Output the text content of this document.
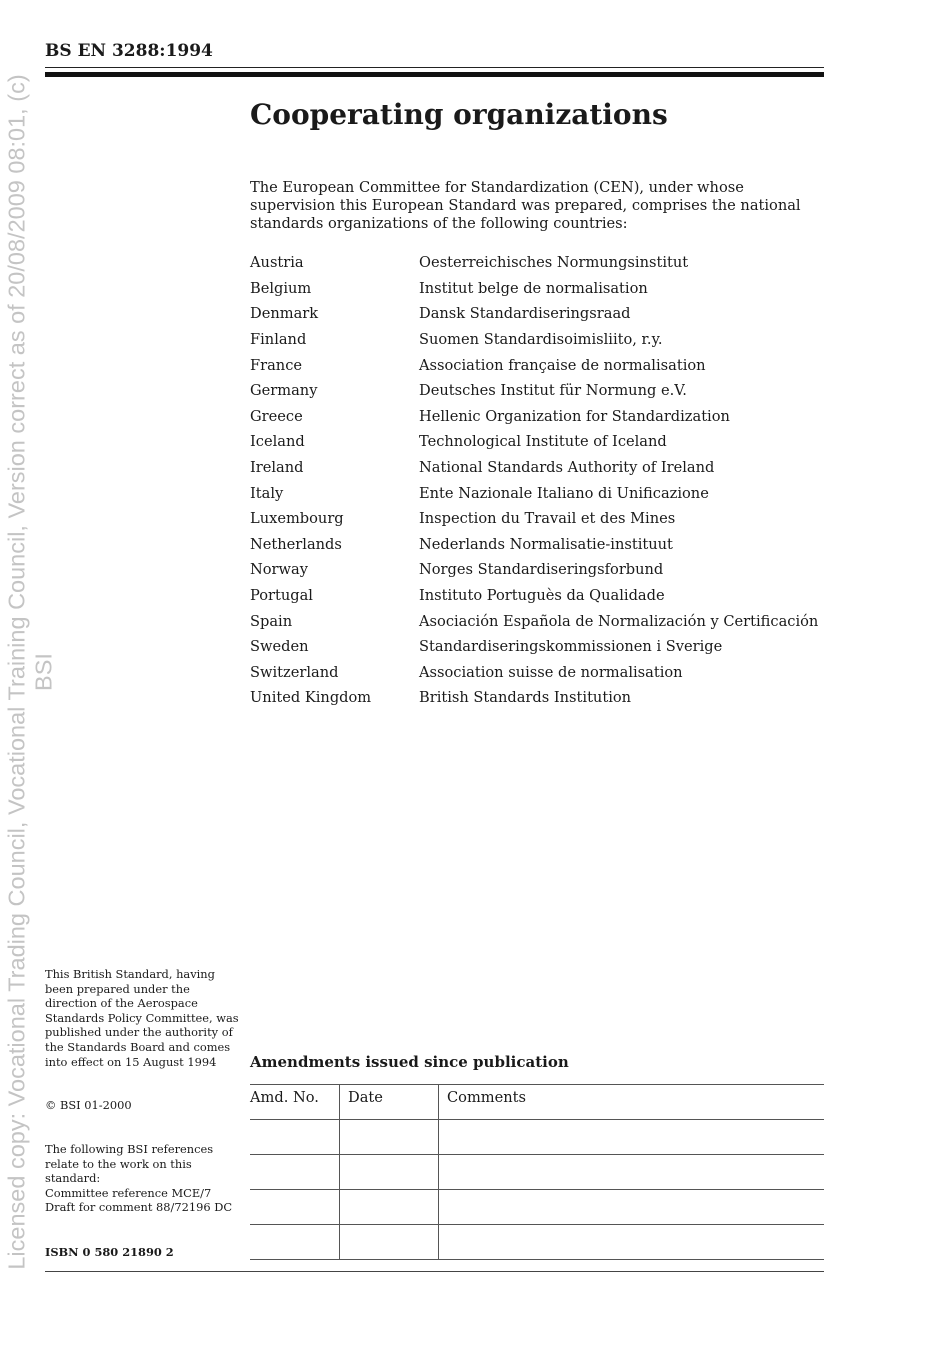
Licensed copy: Vocational Trading Council, Vocational Training Council, Version correct as of 20/08/2009 08:01, (c) BSI
BS EN 3288:1994
Cooperating organizations

The European Committee for Standardization (CEN), under whose supervision this European Standard was prepared, comprises the national standards organizations of the following countries:

Austria	Oesterreichisches Normungsinstitut
Belgium	Institut belge de normalisation
Denmark	Dansk Standardiseringsraad
Finland	Suomen Standardisoimisliito, r.y.
France	Association française de normalisation
Germany	Deutsches Institut für Normung e.V.
Greece	Hellenic Organization for Standardization
Iceland	Technological Institute of Iceland
Ireland	National Standards Authority of Ireland
Italy	Ente Nazionale Italiano di Unificazione
Luxembourg	Inspection du Travail et des Mines
Netherlands	Nederlands Normalisatie-instituut
Norway	Norges Standardiseringsforbund
Portugal	Instituto Portuguès da Qualidade
Spain	Asociación Española de Normalización y Certificación
Sweden	Standardiseringskommissionen i Sverige
Switzerland	Association suisse de normalisation
United Kingdom	British Standards Institution

This British Standard, having been prepared under the direction of the Aerospace Standards Policy Committee, was published under the authority of the Standards Board and comes into effect on 15 August 1994

© BSI 01-2000

The following BSI references relate to the work on this standard:
Committee reference MCE/7
Draft for comment 88/72196 DC

ISBN 0 580 21890 2

Amendments issued since publication
Amd. No.	Date	Comments
